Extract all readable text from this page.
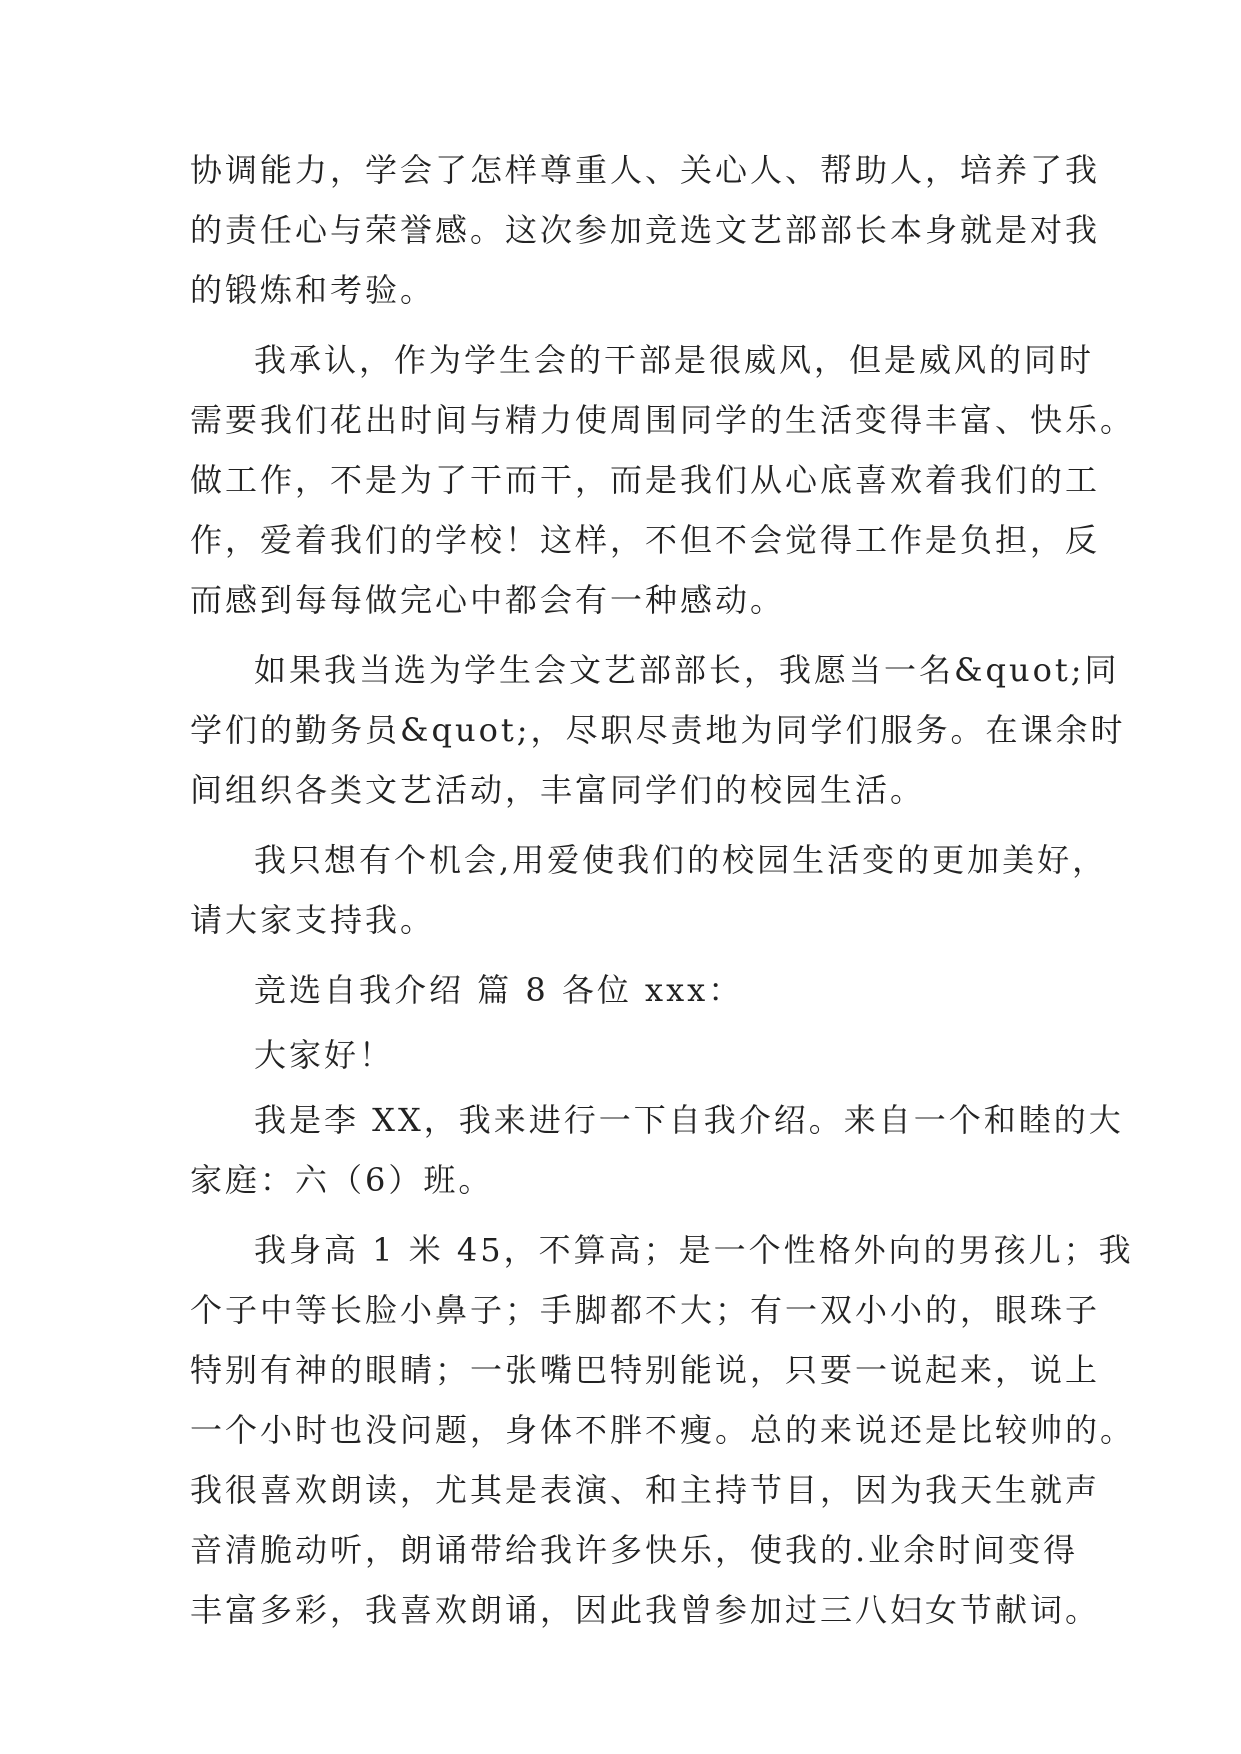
协调能力，学会了怎样尊重人、关心人、帮助人，培养了我
的责任心与荣誉感。这次参加竞选文艺部部长本身就是对我
的锻炼和考验。
我承认，作为学生会的干部是很威风，但是威风的同时
需要我们花出时间与精力使周围同学的生活变得丰富、快乐。
做工作，不是为了干而干，而是我们从心底喜欢着我们的工
作，爱着我们的学校！这样，不但不会觉得工作是负担，反
而感到每每做完心中都会有一种感动。
如果我当选为学生会文艺部部长，我愿当一名&quot;同
学们的勤务员&quot;，尽职尽责地为同学们服务。在课余时
间组织各类文艺活动，丰富同学们的校园生活。
我只想有个机会,用爱使我们的校园生活变的更加美好，
请大家支持我。
竞选自我介绍 篇 8 各位 xxx：
大家好！
我是李 XX，我来进行一下自我介绍。来自一个和睦的大
家庭：六（6）班。
我身高 1 米 45，不算高；是一个性格外向的男孩儿；我
个子中等长脸小鼻子；手脚都不大；有一双小小的，眼珠子
特别有神的眼睛；一张嘴巴特别能说，只要一说起来，说上
一个小时也没问题，身体不胖不瘦。总的来说还是比较帅的。
我很喜欢朗读，尤其是表演、和主持节目，因为我天生就声
音清脆动听，朗诵带给我许多快乐，使我的.业余时间变得
丰富多彩，我喜欢朗诵，因此我曾参加过三八妇女节献词。
